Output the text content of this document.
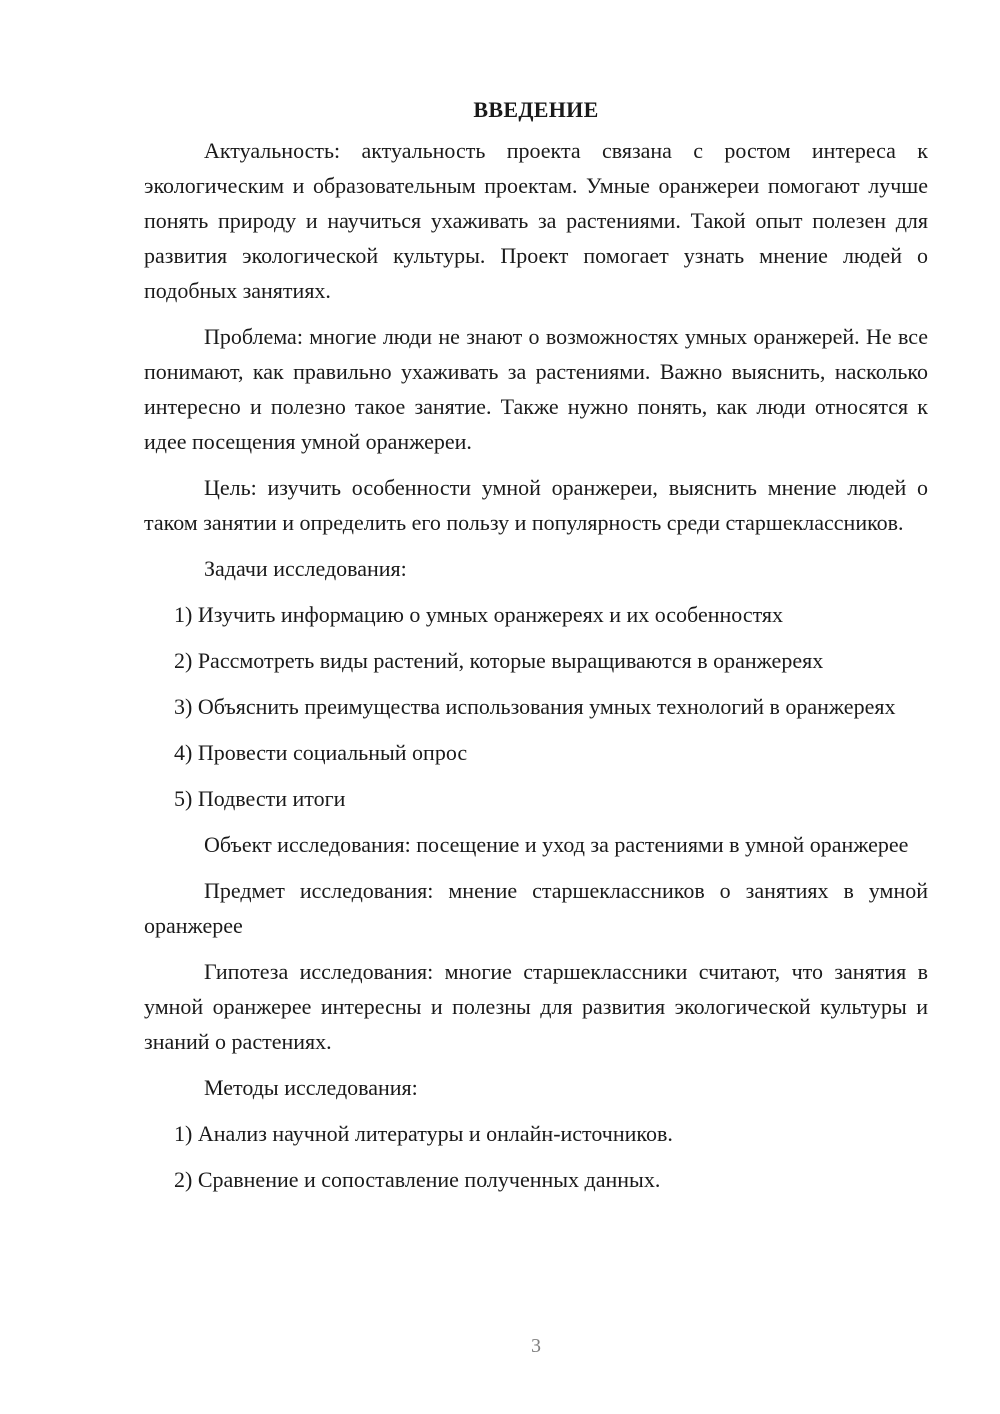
ВВЕДЕНИЕ

Актуальность: актуальность проекта связана с ростом интереса к экологическим и образовательным проектам. Умные оранжереи помогают лучше понять природу и научиться ухаживать за растениями. Такой опыт полезен для развития экологической культуры. Проект помогает узнать мнение людей о подобных занятиях.

Проблема: многие люди не знают о возможностях умных оранжерей. Не все понимают, как правильно ухаживать за растениями. Важно выяснить, насколько интересно и полезно такое занятие. Также нужно понять, как люди относятся к идее посещения умной оранжереи.

Цель: изучить особенности умной оранжереи, выяснить мнение людей о таком занятии и определить его пользу и популярность среди старшеклассников.

Задачи исследования:

1) Изучить информацию о умных оранжереях и их особенностях

2) Рассмотреть виды растений, которые выращиваются в оранжереях

3) Объяснить преимущества использования умных технологий в оранжереях

4) Провести социальный опрос

5) Подвести итоги

Объект исследования: посещение и уход за растениями в умной оранжерее

Предмет исследования: мнение старшеклассников о занятиях в умной оранжерее

Гипотеза исследования: многие старшеклассники считают, что занятия в умной оранжерее интересны и полезны для развития экологической культуры и знаний о растениях.

Методы исследования:

1) Анализ научной литературы и онлайн-источников.

2) Сравнение и сопоставление полученных данных.

3
